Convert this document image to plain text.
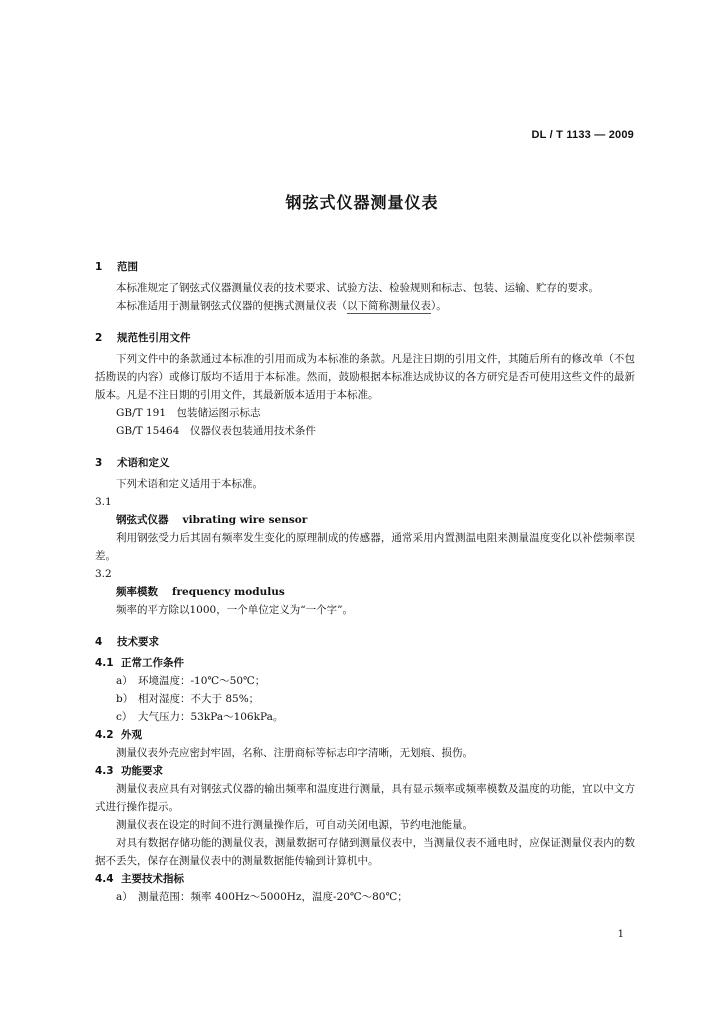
DL / T 1133 — 2009
钢弦式仪器测量仪表
1 范围
本标准规定了钢弦式仪器测量仪表的技术要求、试验方法、检验规则和标志、包装、运输、贮存的要求。
本标准适用于测量钢弦式仪器的便携式测量仪表（以下简称测量仪表）。
2 规范性引用文件
下列文件中的条款通过本标准的引用而成为本标准的条款。凡是注日期的引用文件，其随后所有的修改单（不包括勘误的内容）或修订版均不适用于本标准。然而，鼓励根据本标准达成协议的各方研究是否可使用这些文件的最新版本。凡是不注日期的引用文件，其最新版本适用于本标准。
GB/T 191　包装储运图示标志
GB/T 15464　仪器仪表包装通用技术条件
3 术语和定义
下列术语和定义适用于本标准。
3.1
钢弦式仪器 vibrating wire sensor
利用钢弦受力后其固有频率发生变化的原理制成的传感器，通常采用内置测温电阻来测量温度变化以补偿频率误差。
3.2
频率模数 frequency modulus
频率的平方除以1000，一个单位定义为“一个字”。
4 技术要求
4.1 正常工作条件
a） 环境温度：-10℃～50℃；
b） 相对湿度：不大于 85%；
c） 大气压力：53kPa～106kPa。
4.2 外观
测量仪表外壳应密封牢固，名称、注册商标等标志印字清晰，无划痕、损伤。
4.3 功能要求
测量仪表应具有对钢弦式仪器的输出频率和温度进行测量，具有显示频率或频率模数及温度的功能，宜以中文方式进行操作提示。
测量仪表在设定的时间不进行测量操作后，可自动关闭电源，节约电池能量。
对具有数据存储功能的测量仪表，测量数据可存储到测量仪表中，当测量仪表不通电时，应保证测量仪表内的数据不丢失，保存在测量仪表中的测量数据能传输到计算机中。
4.4 主要技术指标
a） 测量范围：频率 400Hz～5000Hz，温度-20℃～80℃；
1
